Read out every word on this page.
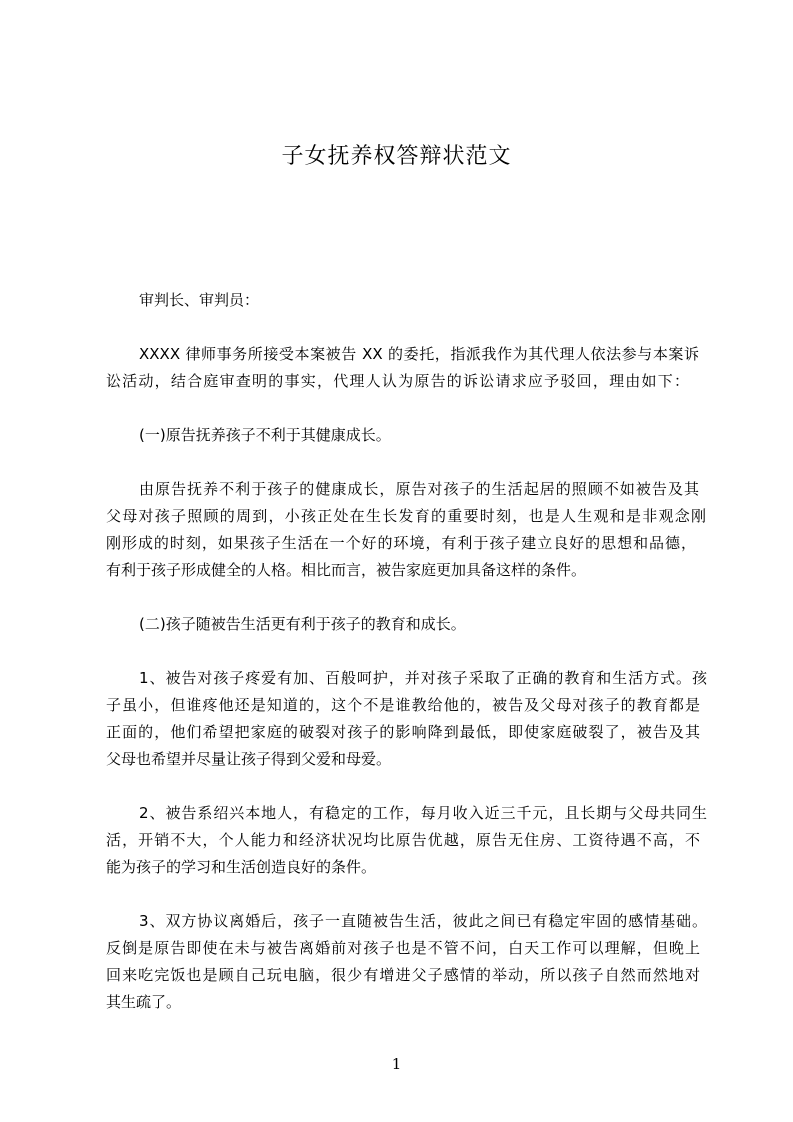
子女抚养权答辩状范文
审判长、审判员：
XXXX 律师事务所接受本案被告 XX 的委托，指派我作为其代理人依法参与本案诉
讼活动，结合庭审查明的事实，代理人认为原告的诉讼请求应予驳回，理由如下：
(一)原告抚养孩子不利于其健康成长。
由原告抚养不利于孩子的健康成长，原告对孩子的生活起居的照顾不如被告及其
父母对孩子照顾的周到，小孩正处在生长发育的重要时刻，也是人生观和是非观念刚
刚形成的时刻，如果孩子生活在一个好的环境，有利于孩子建立良好的思想和品德，
有利于孩子形成健全的人格。相比而言，被告家庭更加具备这样的条件。
(二)孩子随被告生活更有利于孩子的教育和成长。
1、被告对孩子疼爱有加、百般呵护，并对孩子采取了正确的教育和生活方式。孩
子虽小，但谁疼他还是知道的，这个不是谁教给他的，被告及父母对孩子的教育都是
正面的，他们希望把家庭的破裂对孩子的影响降到最低，即使家庭破裂了，被告及其
父母也希望并尽量让孩子得到父爱和母爱。
2、被告系绍兴本地人，有稳定的工作，每月收入近三千元，且长期与父母共同生
活，开销不大，个人能力和经济状况均比原告优越，原告无住房、工资待遇不高，不
能为孩子的学习和生活创造良好的条件。
3、双方协议离婚后，孩子一直随被告生活，彼此之间已有稳定牢固的感情基础。
反倒是原告即使在未与被告离婚前对孩子也是不管不问，白天工作可以理解，但晚上
回来吃完饭也是顾自己玩电脑，很少有增进父子感情的举动，所以孩子自然而然地对
其生疏了。
1
